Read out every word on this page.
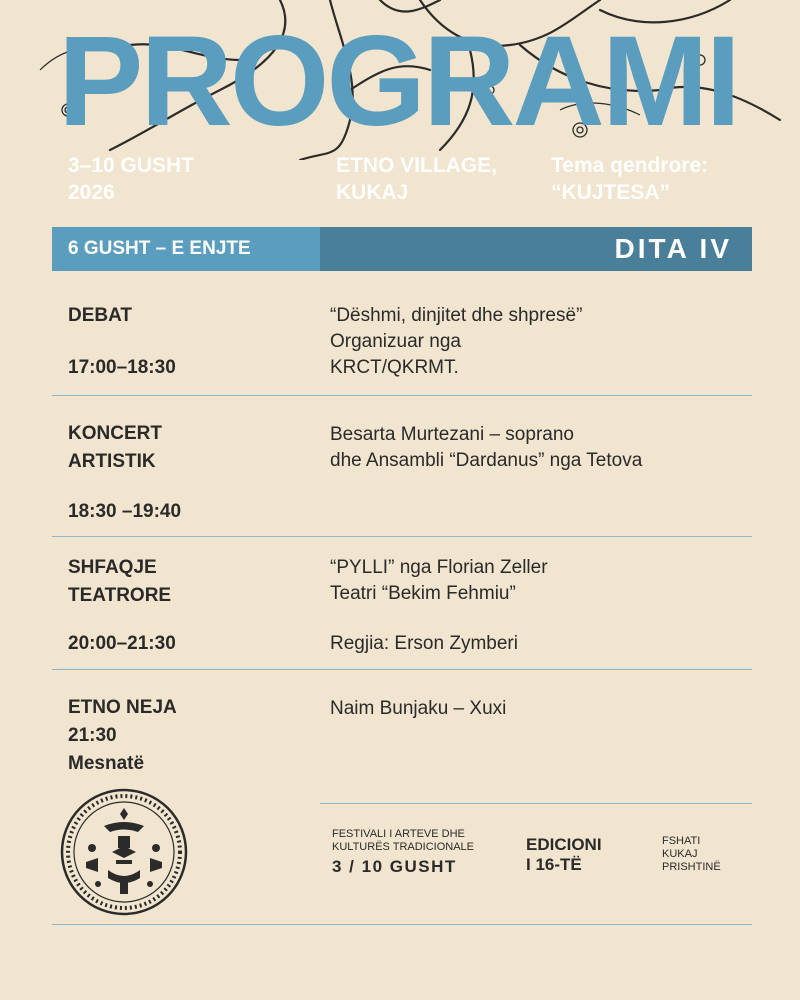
PROGRAMI
3–10 GUSHT
2026
ETNO VILLAGE,
KUKAJ
Tema qendrore:
“KUJTESA”
6 GUSHT – E ENJTE	DITA IV
DEBAT
17:00–18:30
“Dëshmi, dinjitet dhe shpresë”
Organizuar nga
KRCT/QKRMT.
KONCERT
ARTISTIK
18:30 –19:40
Besarta Murtezani – soprano
dhe Ansambli “Dardanus” nga Tetova
SHFAQJE
TEATRORE
20:00–21:30
“PYLLI” nga Florian Zeller
Teatri “Bekim Fehmiu”
Regjia: Erson Zymberi
ETNO NEJA
21:30
Mesnatë
Naim Bunjaku – Xuxi
FESTIVALI I ARTEVE DHE
KULTURËS TRADICIONALE
3 / 10 GUSHT
EDICIONI
I 16-TË
FSHATI
KUKAJ
PRISHTINË
